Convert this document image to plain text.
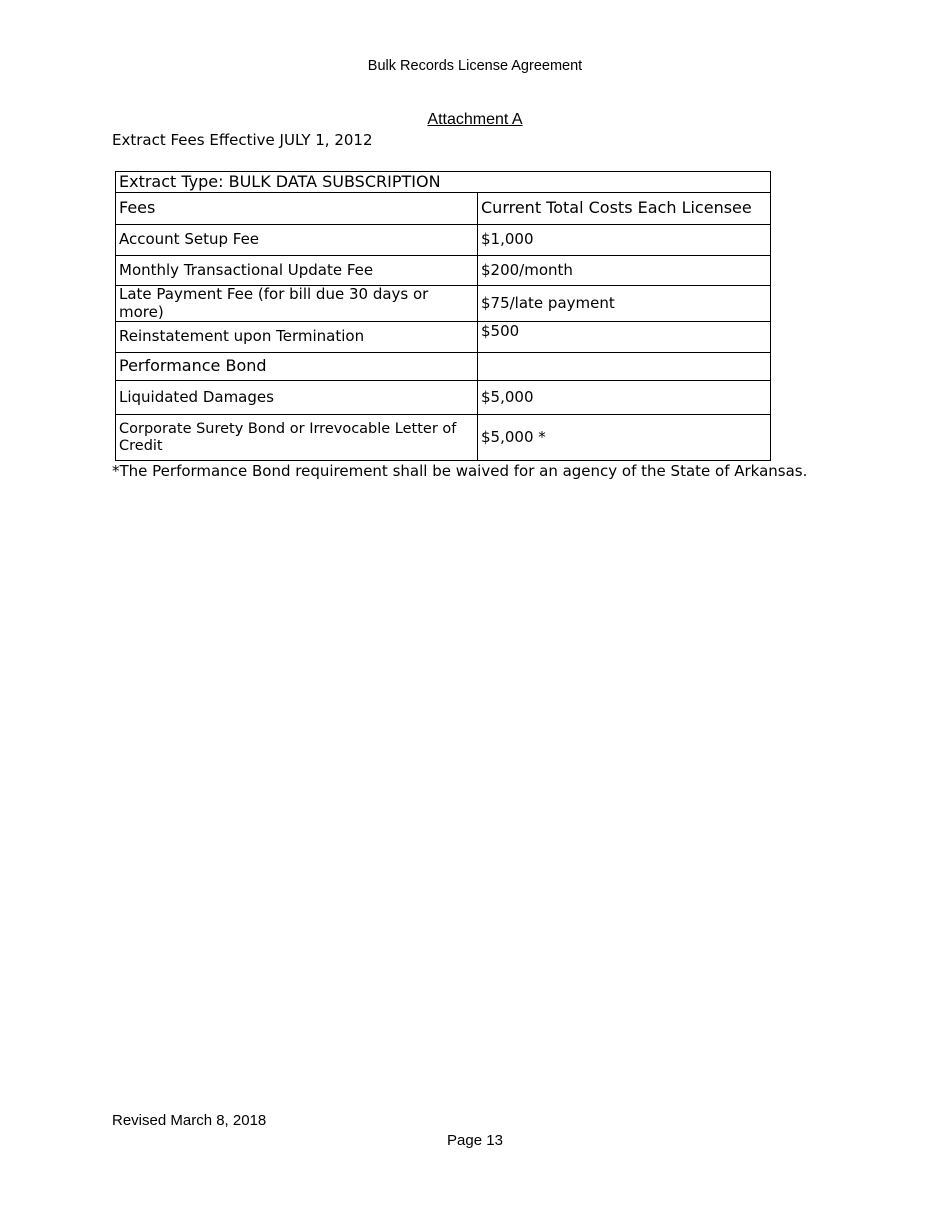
Bulk Records License Agreement
Attachment A
Extract Fees Effective JULY 1, 2012
Extract Type: BULK DATA SUBSCRIPTION	
Fees	Current Total Costs Each Licensee
Account Setup Fee	$1,000
Monthly Transactional Update Fee	$200/month
Late Payment Fee (for bill due 30 days or more)	$75/late payment
Reinstatement upon Termination	$500
Performance Bond	
Liquidated Damages	$5,000
Corporate Surety Bond or Irrevocable Letter of Credit	$5,000 *
*The Performance Bond requirement shall be waived for an agency of the State of Arkansas.
Revised March 8, 2018
Page 13
